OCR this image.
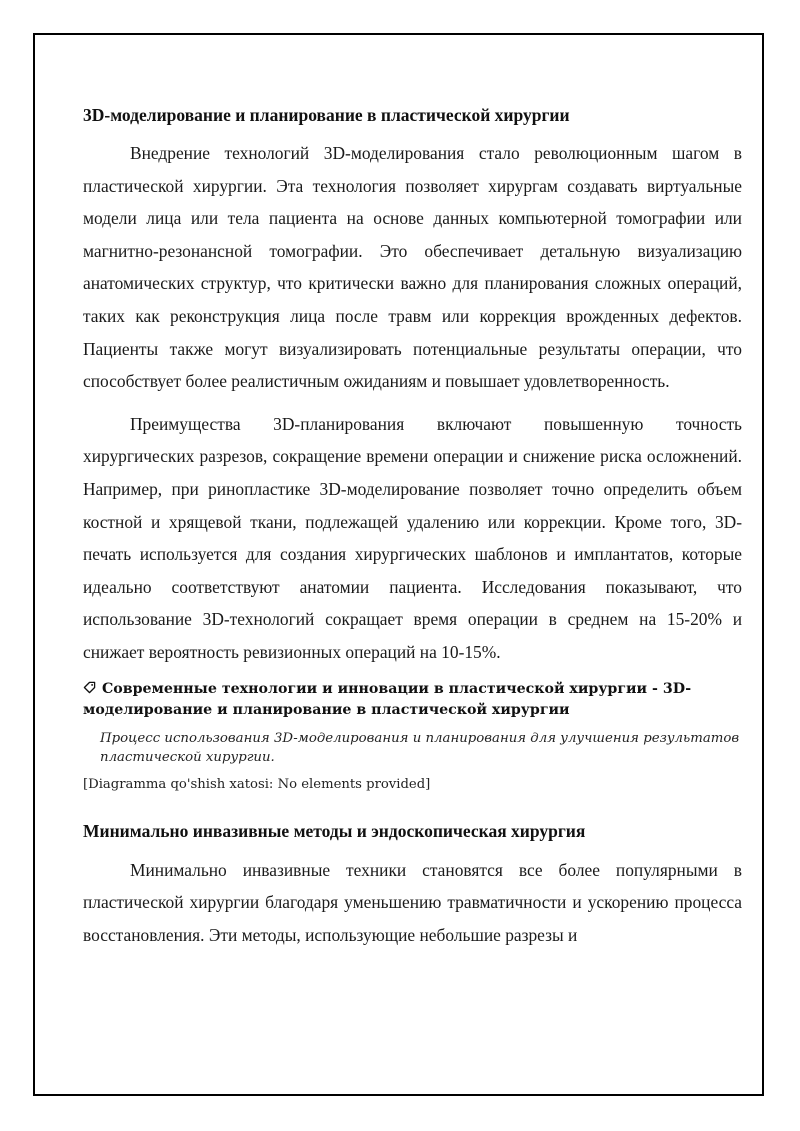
3D-моделирование и планирование в пластической хирургии

Внедрение технологий 3D-моделирования стало революционным шагом в пластической хирургии. Эта технология позволяет хирургам создавать виртуальные модели лица или тела пациента на основе данных компьютерной томографии или магнитно-резонансной томографии. Это обеспечивает детальную визуализацию анатомических структур, что критически важно для планирования сложных операций, таких как реконструкция лица после травм или коррекция врожденных дефектов. Пациенты также могут визуализировать потенциальные результаты операции, что способствует более реалистичным ожиданиям и повышает удовлетворенность.

Преимущества 3D-планирования включают повышенную точность хирургических разрезов, сокращение времени операции и снижение риска осложнений. Например, при ринопластике 3D-моделирование позволяет точно определить объем костной и хрящевой ткани, подлежащей удалению или коррекции. Кроме того, 3D-печать используется для создания хирургических шаблонов и имплантатов, которые идеально соответствуют анатомии пациента. Исследования показывают, что использование 3D-технологий сокращает время операции в среднем на 15-20% и снижает вероятность ревизионных операций на 10-15%.

Современные технологии и инновации в пластической хирургии - 3D-моделирование и планирование в пластической хирургии
Процесс использования 3D-моделирования и планирования для улучшения результатов пластической хирургии.
[Diagramma qo'shish xatosi: No elements provided]
Минимально инвазивные методы и эндоскопическая хирургия

Минимально инвазивные техники становятся все более популярными в пластической хирургии благодаря уменьшению травматичности и ускорению процесса восстановления. Эти методы, использующие небольшие разрезы и
